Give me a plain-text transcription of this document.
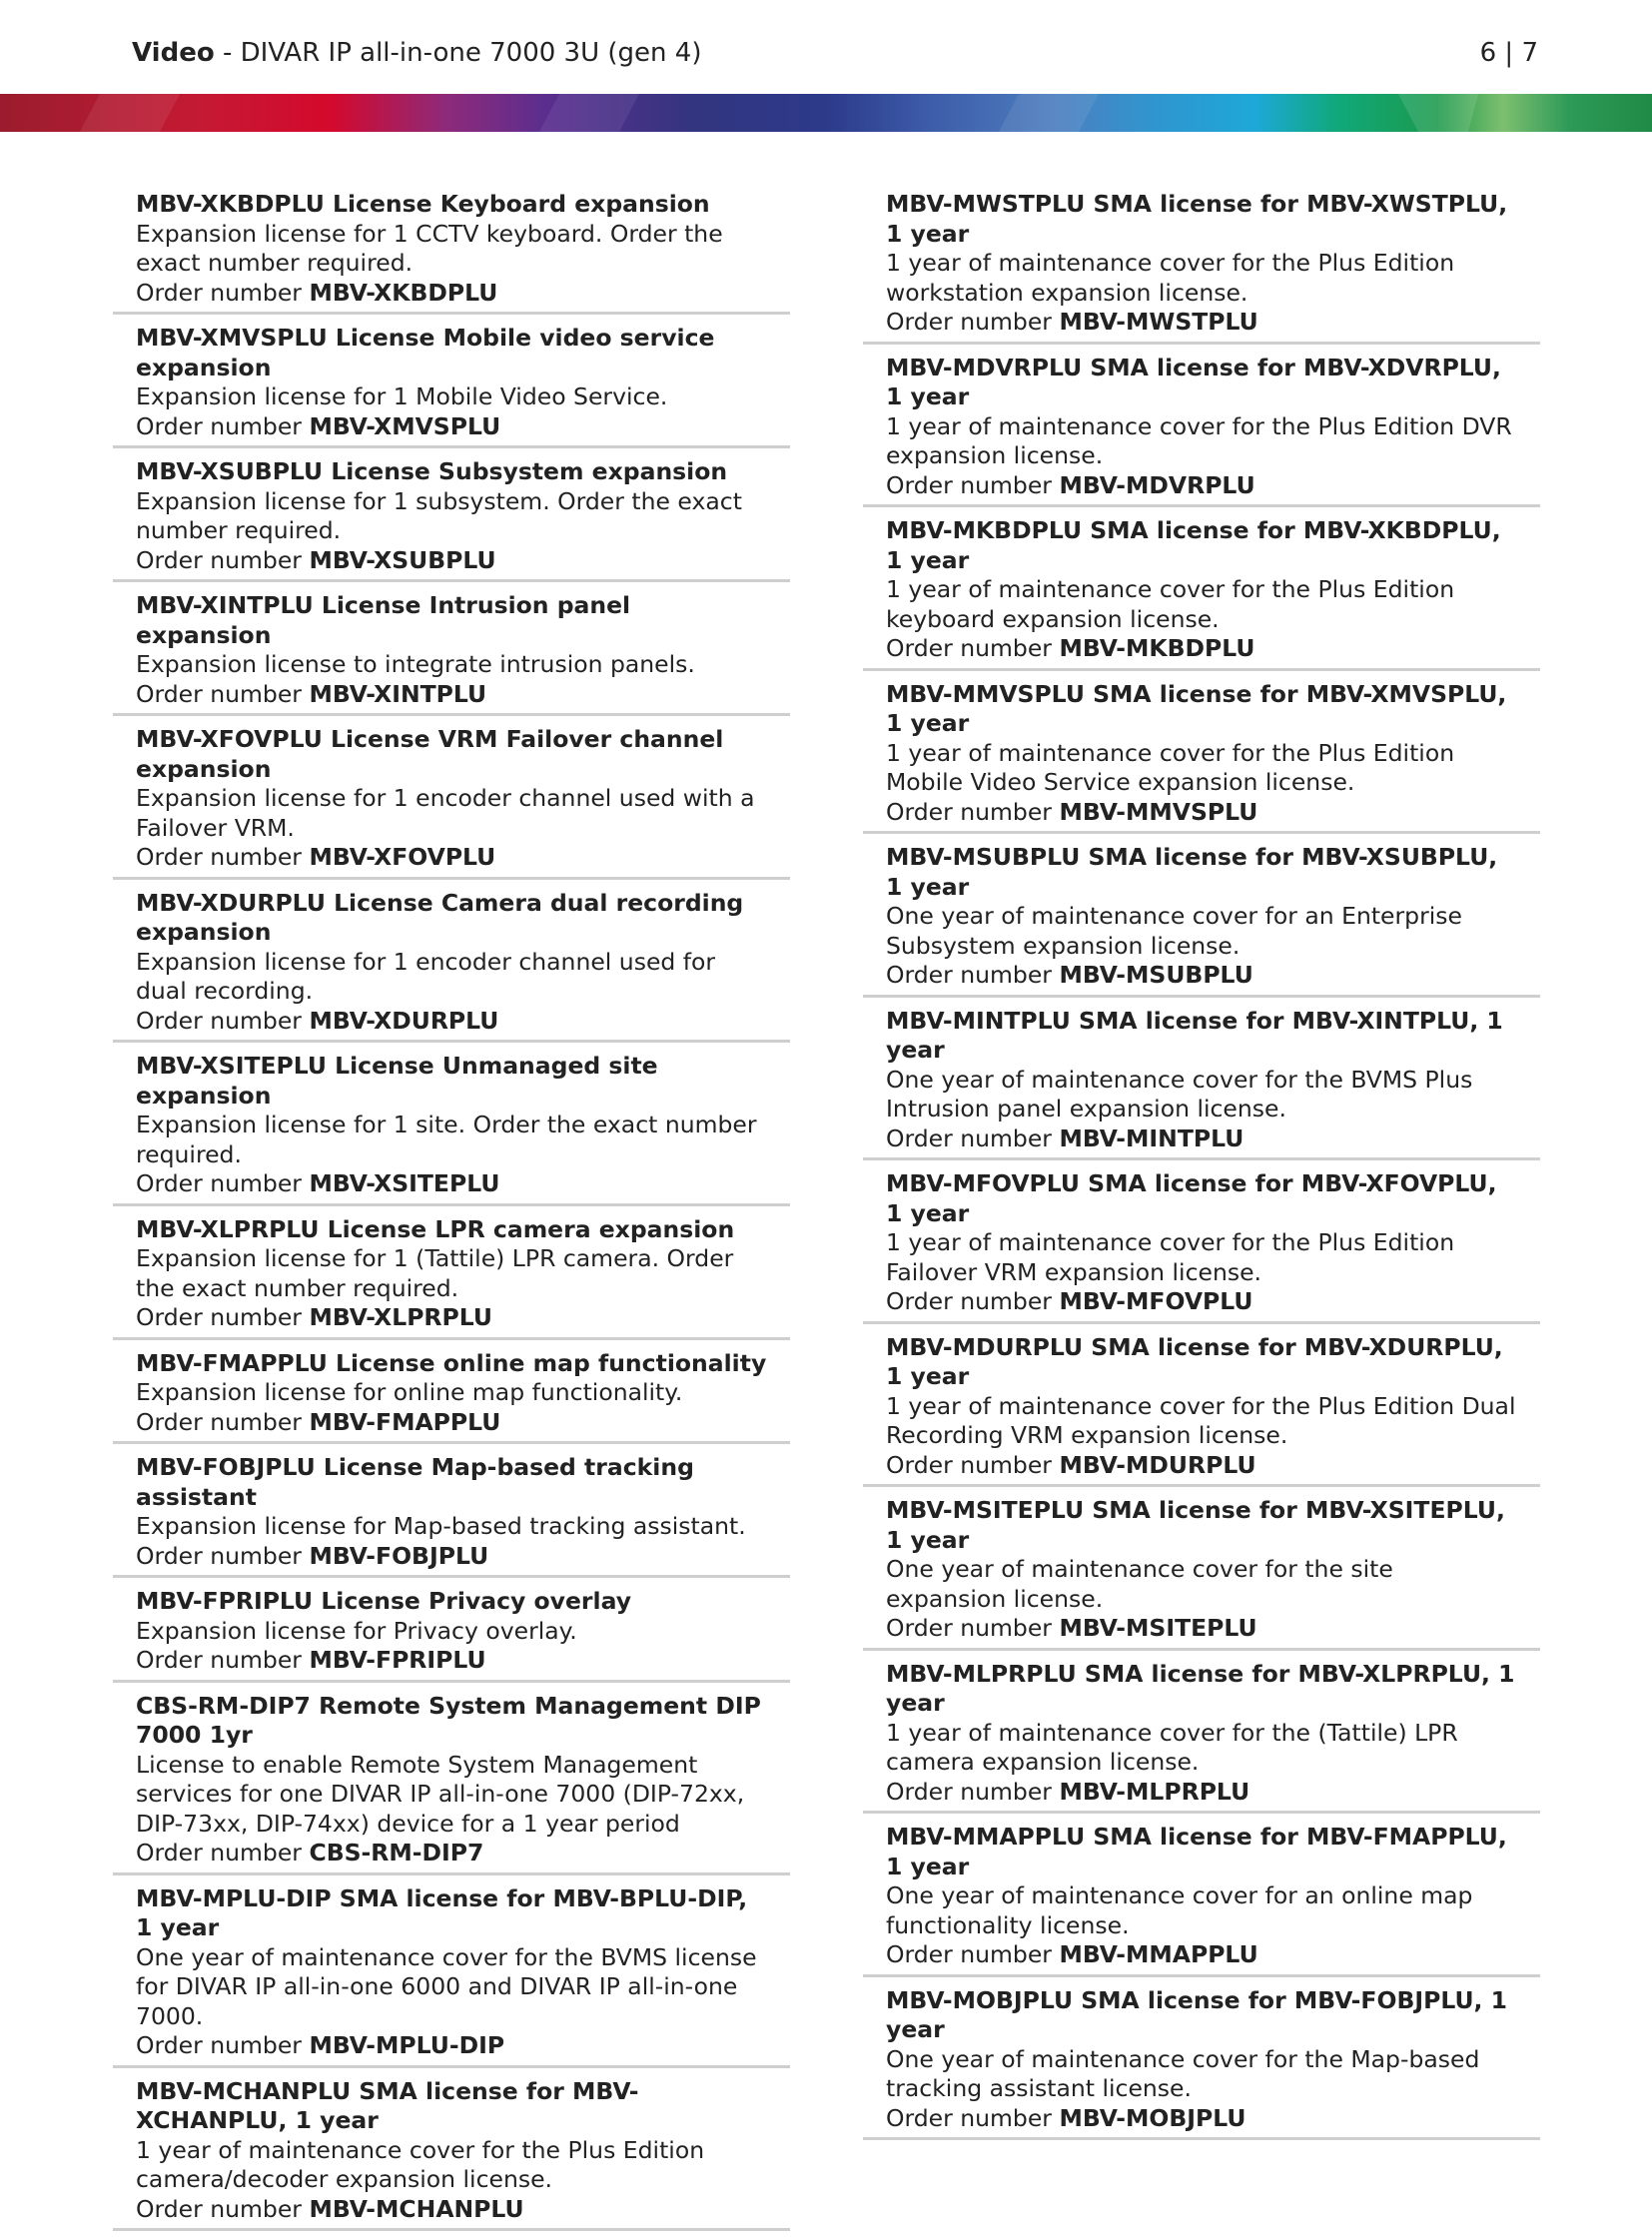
Video - DIVAR IP all-in-one 7000 3U (gen 4)	6 | 7
MBV-XKBDPLU License Keyboard expansion
Expansion license for 1 CCTV keyboard. Order the exact number required.
Order number MBV-XKBDPLU
MBV-XMVSPLU License Mobile video service expansion
Expansion license for 1 Mobile Video Service.
Order number MBV-XMVSPLU
MBV-XSUBPLU License Subsystem expansion
Expansion license for 1 subsystem. Order the exact number required.
Order number MBV-XSUBPLU
MBV-XINTPLU License Intrusion panel expansion
Expansion license to integrate intrusion panels.
Order number MBV-XINTPLU
MBV-XFOVPLU License VRM Failover channel expansion
Expansion license for 1 encoder channel used with a Failover VRM.
Order number MBV-XFOVPLU
MBV-XDURPLU License Camera dual recording expansion
Expansion license for 1 encoder channel used for dual recording.
Order number MBV-XDURPLU
MBV-XSITEPLU License Unmanaged site expansion
Expansion license for 1 site. Order the exact number required.
Order number MBV-XSITEPLU
MBV-XLPRPLU License LPR camera expansion
Expansion license for 1 (Tattile) LPR camera. Order the exact number required.
Order number MBV-XLPRPLU
MBV-FMAPPLU License online map functionality
Expansion license for online map functionality.
Order number MBV-FMAPPLU
MBV-FOBJPLU License Map-based tracking assistant
Expansion license for Map-based tracking assistant.
Order number MBV-FOBJPLU
MBV-FPRIPLU License Privacy overlay
Expansion license for Privacy overlay.
Order number MBV-FPRIPLU
CBS-RM-DIP7 Remote System Management DIP 7000 1yr
License to enable Remote System Management services for one DIVAR IP all-in-one 7000 (DIP-72xx, DIP-73xx, DIP-74xx) device for a 1 year period
Order number CBS-RM-DIP7
MBV-MPLU-DIP SMA license for MBV-BPLU-DIP, 1 year
One year of maintenance cover for the BVMS license for DIVAR IP all-in-one 6000 and DIVAR IP all-in-one 7000.
Order number MBV-MPLU-DIP
MBV-MCHANPLU SMA license for MBV-XCHANPLU, 1 year
1 year of maintenance cover for the Plus Edition camera/decoder expansion license.
Order number MBV-MCHANPLU
MBV-MWSTPLU SMA license for MBV-XWSTPLU, 1 year
1 year of maintenance cover for the Plus Edition workstation expansion license.
Order number MBV-MWSTPLU
MBV-MDVRPLU SMA license for MBV-XDVRPLU, 1 year
1 year of maintenance cover for the Plus Edition DVR expansion license.
Order number MBV-MDVRPLU
MBV-MKBDPLU SMA license for MBV-XKBDPLU, 1 year
1 year of maintenance cover for the Plus Edition keyboard expansion license.
Order number MBV-MKBDPLU
MBV-MMVSPLU SMA license for MBV-XMVSPLU, 1 year
1 year of maintenance cover for the Plus Edition Mobile Video Service expansion license.
Order number MBV-MMVSPLU
MBV-MSUBPLU SMA license for MBV-XSUBPLU, 1 year
One year of maintenance cover for an Enterprise Subsystem expansion license.
Order number MBV-MSUBPLU
MBV-MINTPLU SMA license for MBV-XINTPLU, 1 year
One year of maintenance cover for the BVMS Plus Intrusion panel expansion license.
Order number MBV-MINTPLU
MBV-MFOVPLU SMA license for MBV-XFOVPLU, 1 year
1 year of maintenance cover for the Plus Edition Failover VRM expansion license.
Order number MBV-MFOVPLU
MBV-MDURPLU SMA license for MBV-XDURPLU, 1 year
1 year of maintenance cover for the Plus Edition Dual Recording VRM expansion license.
Order number MBV-MDURPLU
MBV-MSITEPLU SMA license for MBV-XSITEPLU, 1 year
One year of maintenance cover for the site expansion license.
Order number MBV-MSITEPLU
MBV-MLPRPLU SMA license for MBV-XLPRPLU, 1 year
1 year of maintenance cover for the (Tattile) LPR camera expansion license.
Order number MBV-MLPRPLU
MBV-MMAPPLU SMA license for MBV-FMAPPLU, 1 year
One year of maintenance cover for an online map functionality license.
Order number MBV-MMAPPLU
MBV-MOBJPLU SMA license for MBV-FOBJPLU, 1 year
One year of maintenance cover for the Map-based tracking assistant license.
Order number MBV-MOBJPLU
